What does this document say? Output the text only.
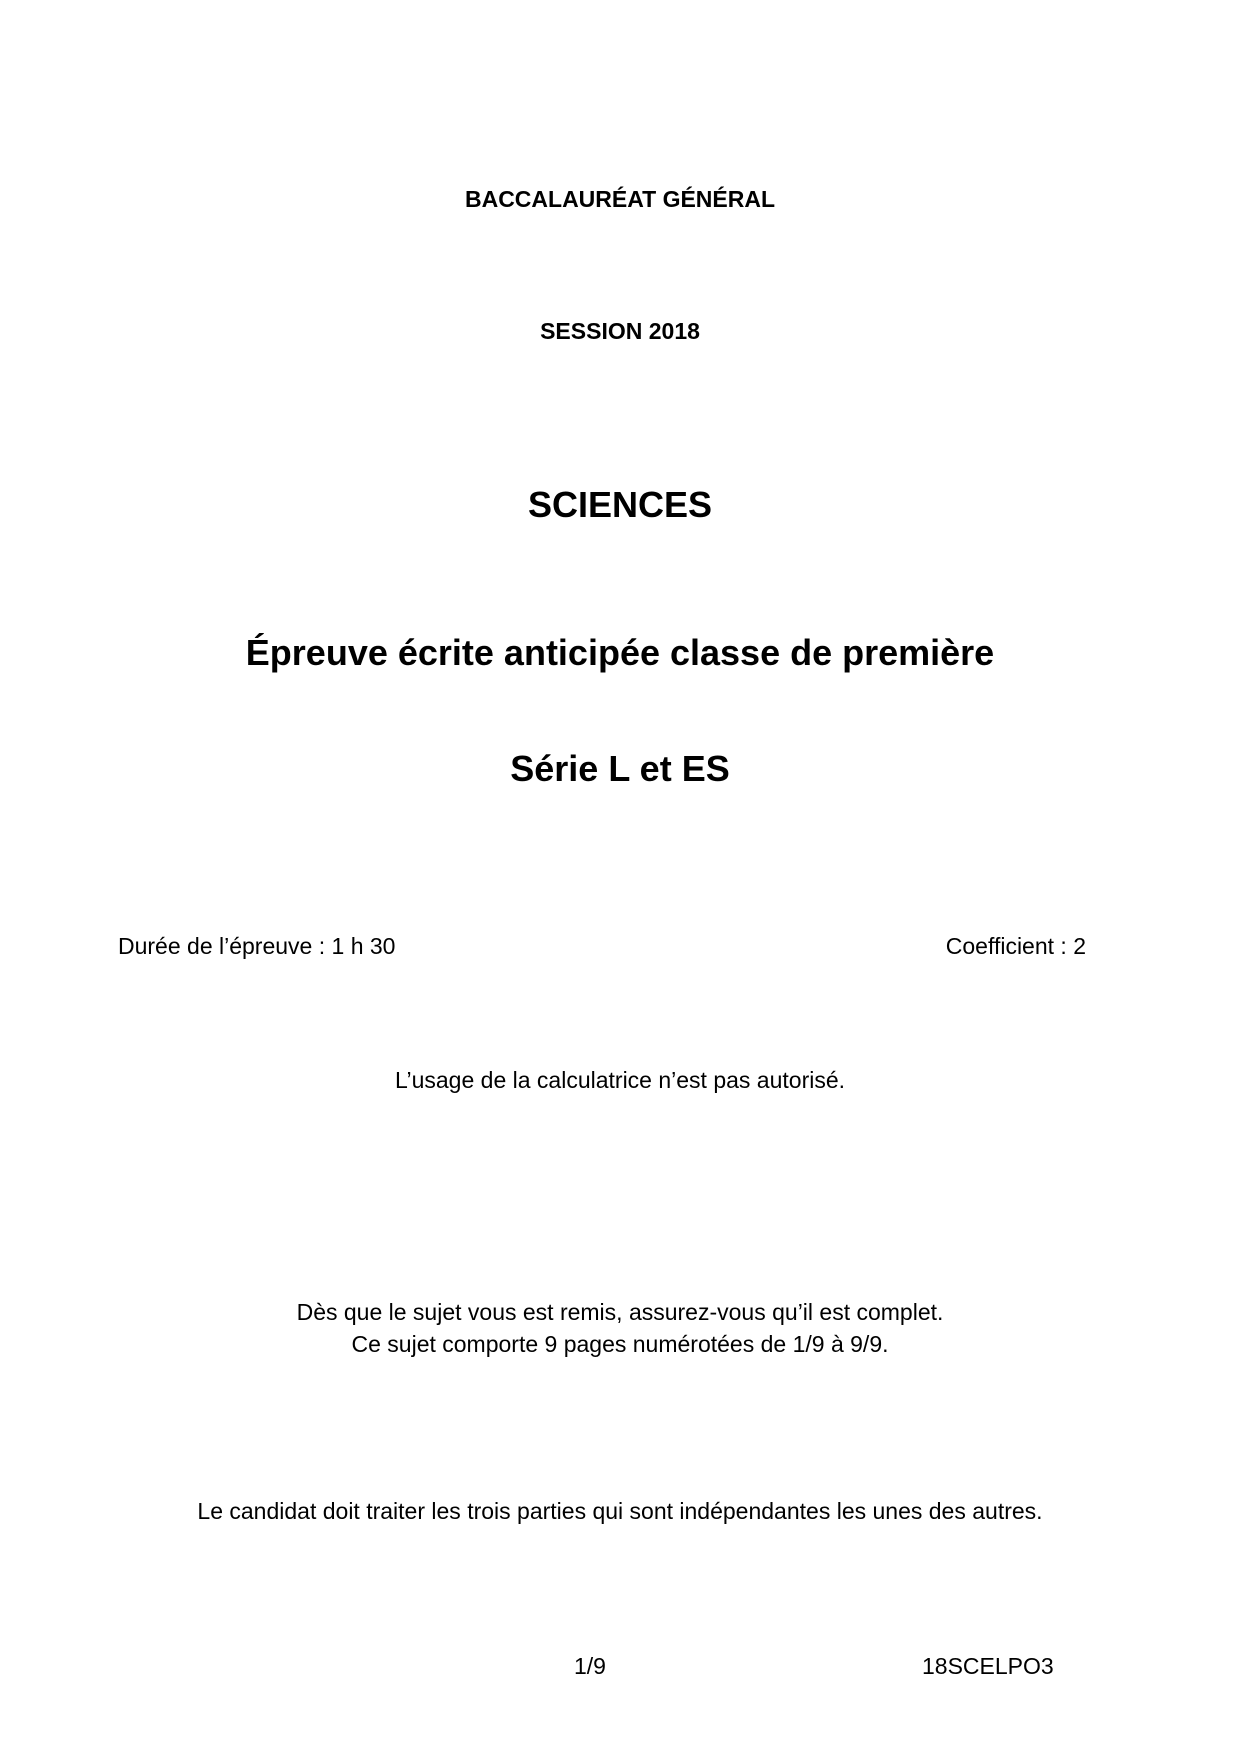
BACCALAURÉAT GÉNÉRAL
SESSION 2018
SCIENCES
Épreuve écrite anticipée classe de première
Série L et ES
Durée de l’épreuve : 1 h 30	Coefficient : 2
L’usage de la calculatrice n’est pas autorisé.
Dès que le sujet vous est remis, assurez-vous qu’il est complet.
Ce sujet comporte 9 pages numérotées de 1/9 à 9/9.
Le candidat doit traiter les trois parties qui sont indépendantes les unes des autres.
1/9	18SCELPO3
